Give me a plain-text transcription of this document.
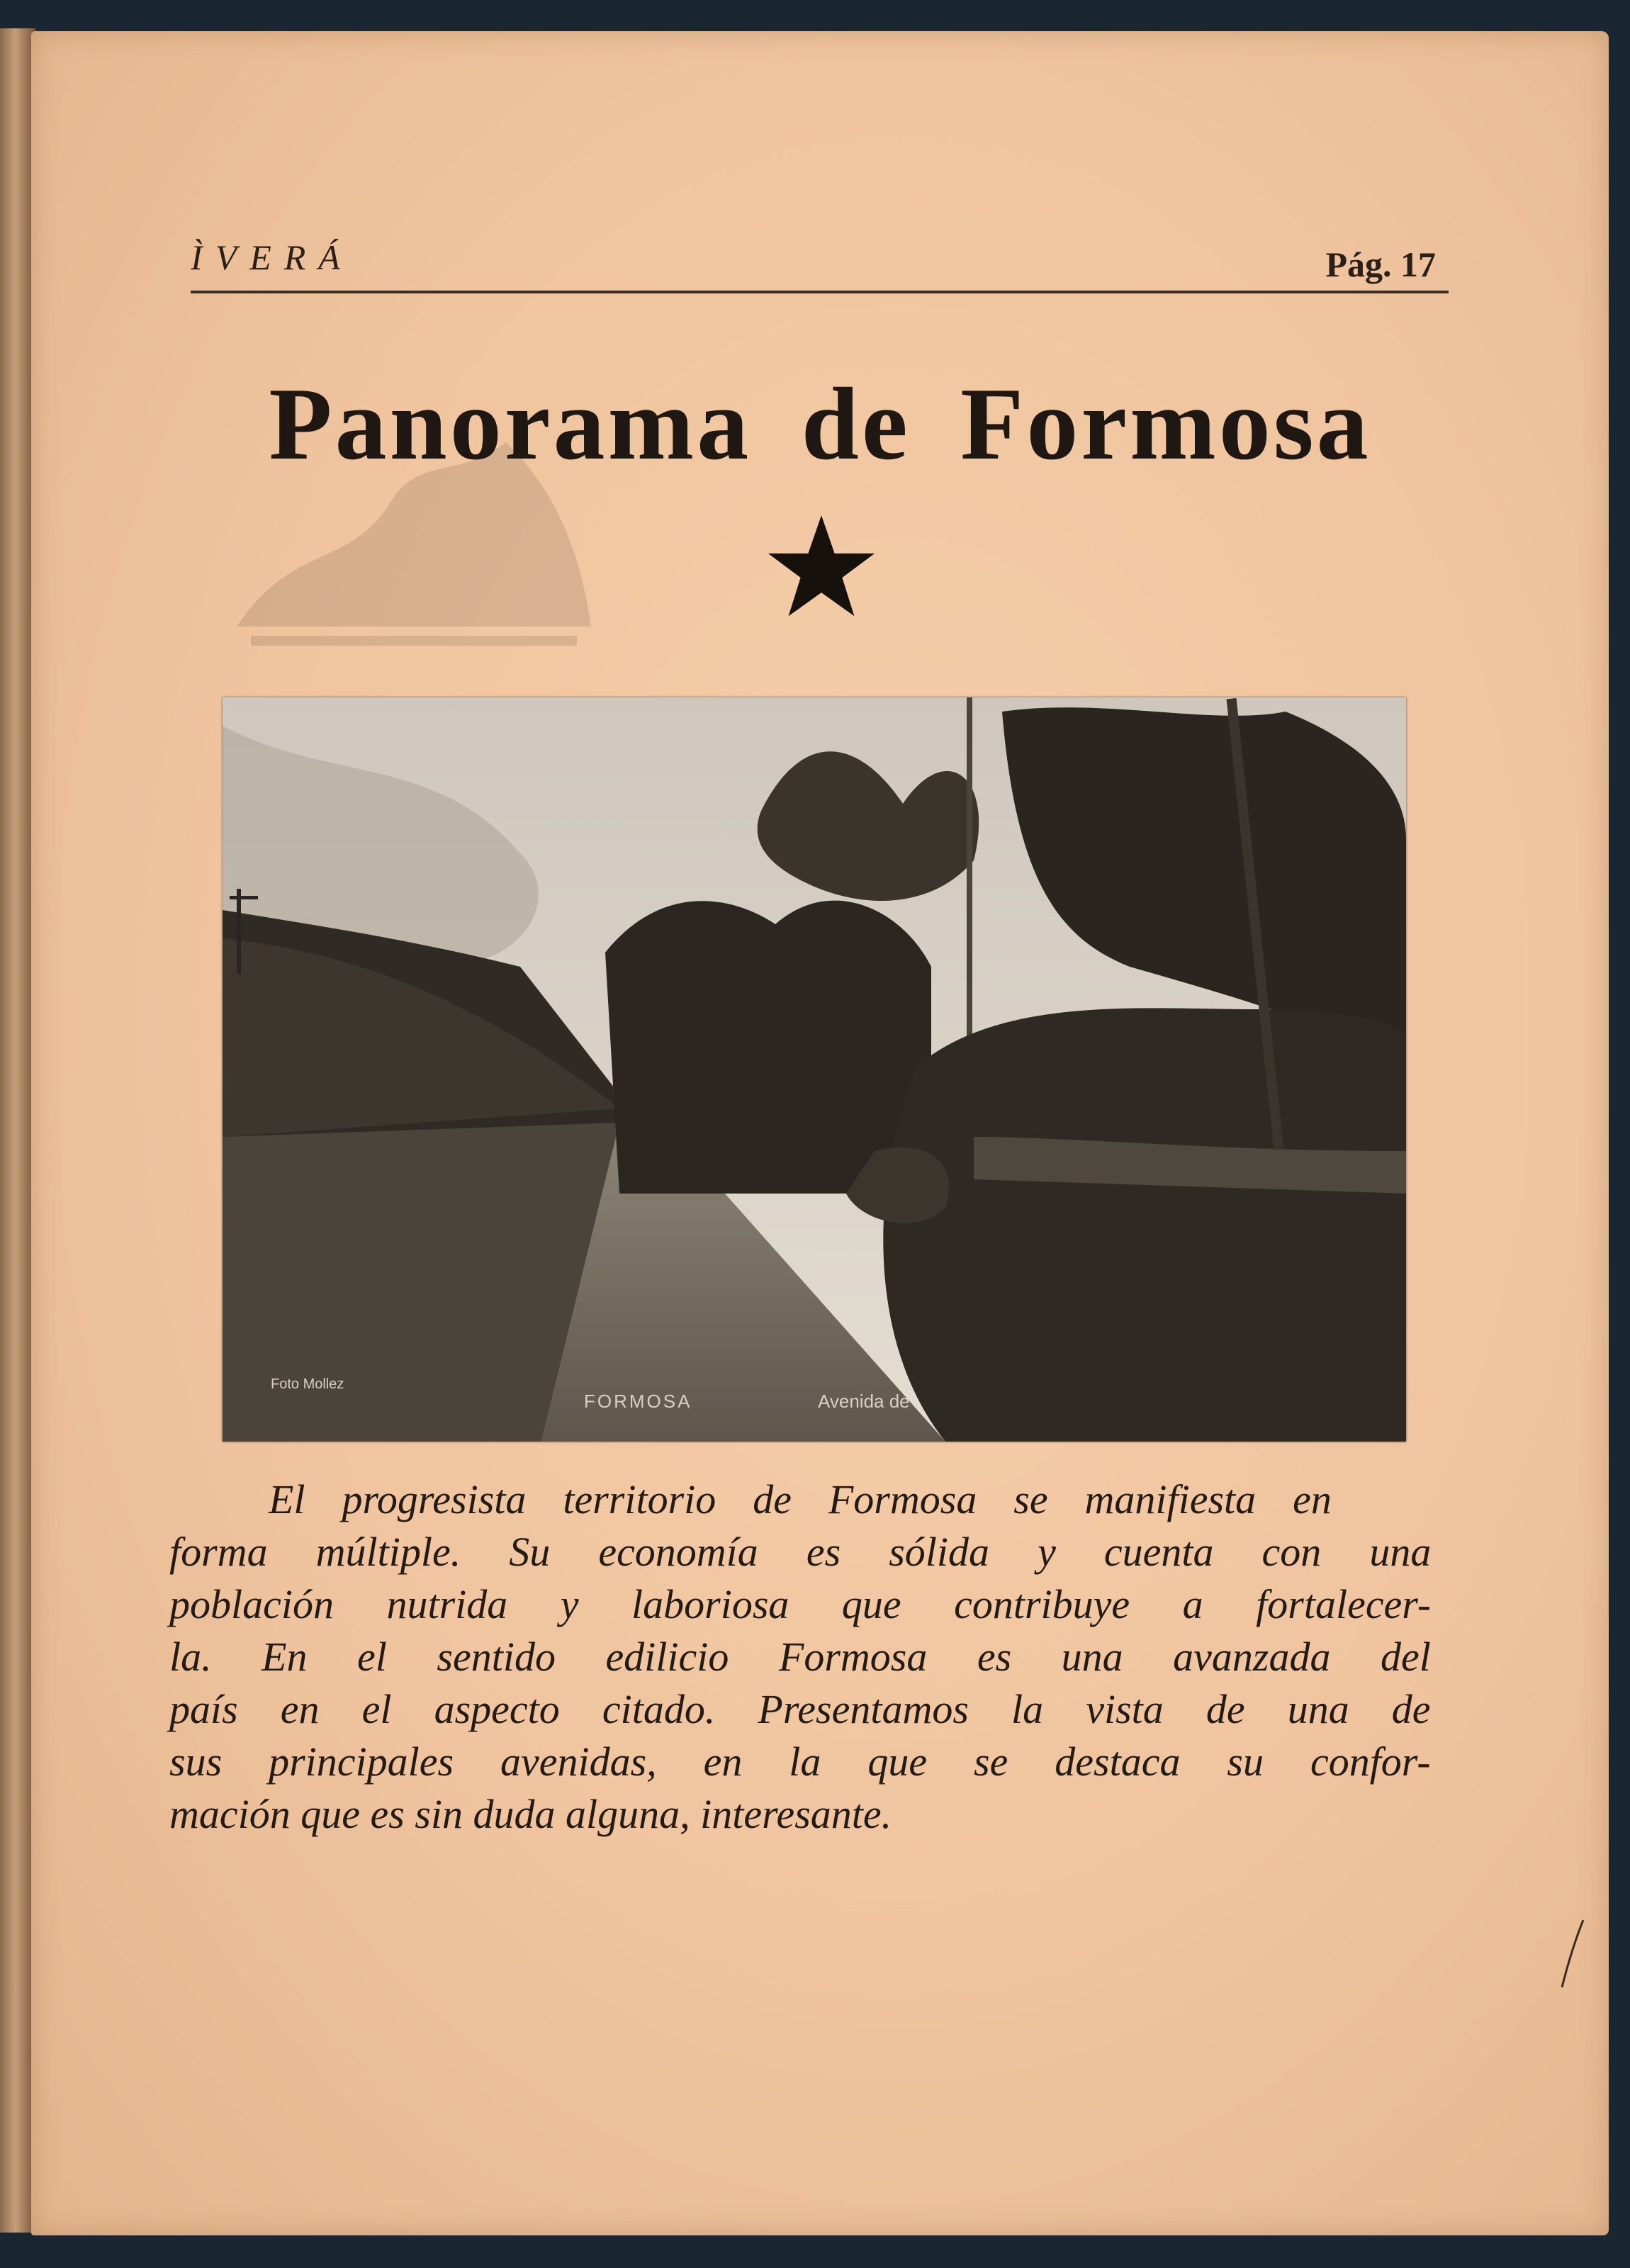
ÌVERÁ	Pág. 17
Panorama de Formosa
Foto Mollez
FORMOSA	Avenida de
El progresista territorio de Formosa se manifiesta en
forma múltiple. Su economía es sólida y cuenta con una
población nutrida y laboriosa que contribuye a fortalecer-
la. En el sentido edilicio Formosa es una avanzada del
país en el aspecto citado. Presentamos la vista de una de
sus principales avenidas, en la que se destaca su confor-
mación que es sin duda alguna, interesante.
